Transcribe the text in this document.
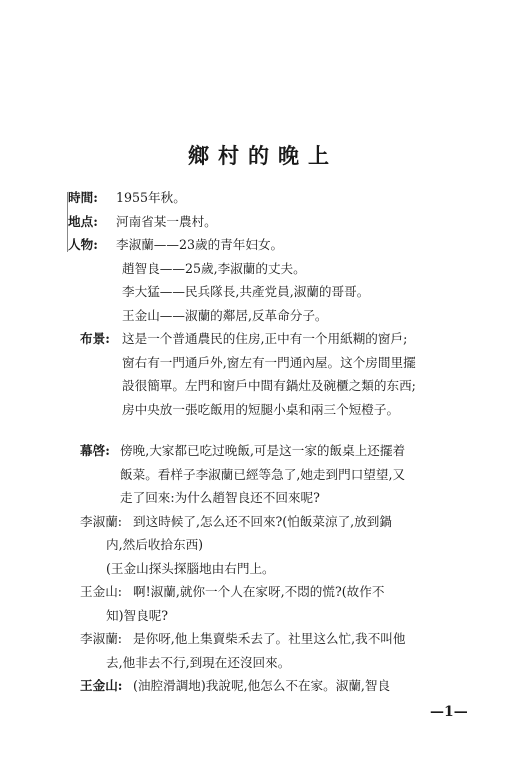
鄉村的晚上
時間: 1955年秋。
地点: 河南省某一農村。
人物: 李淑蘭——23歲的青年妇女。
趙智良——25歲,李淑蘭的丈夫。
李大猛——民兵隊長,共產党員,淑蘭的哥哥。
王金山——淑蘭的鄰居,反革命分子。
布景: 这是一个普通農民的住房,正中有一个用紙糊的窗戶;
窗右有一門通戶外,窗左有一門通內屋。这个房間里擺
設很簡單。左門和窗戶中間有鍋灶及碗櫃之類的东西;
房中央放一張吃飯用的短腿小桌和兩三个短橙子。
幕啓: 傍晚,大家都已吃过晚飯,可是这一家的飯桌上还擺着
飯菜。看样子李淑蘭已經等急了,她走到門口望望,又
走了回來:为什么趙智良还不回來呢?
李淑蘭: 到这時候了,怎么还不回來?(怕飯菜涼了,放到鍋
内,然后收拾东西)
(王金山探头探腦地由右門上。
王金山: 啊!淑蘭,就你一个人在家呀,不悶的慌?(故作不
知)智良呢?
李淑蘭: 是你呀,他上集賣柴禾去了。社里这么忙,我不叫他
去,他非去不行,到現在还沒回來。
王金山: (油腔滑調地)我說呢,他怎么不在家。淑蘭,智良
—1—
